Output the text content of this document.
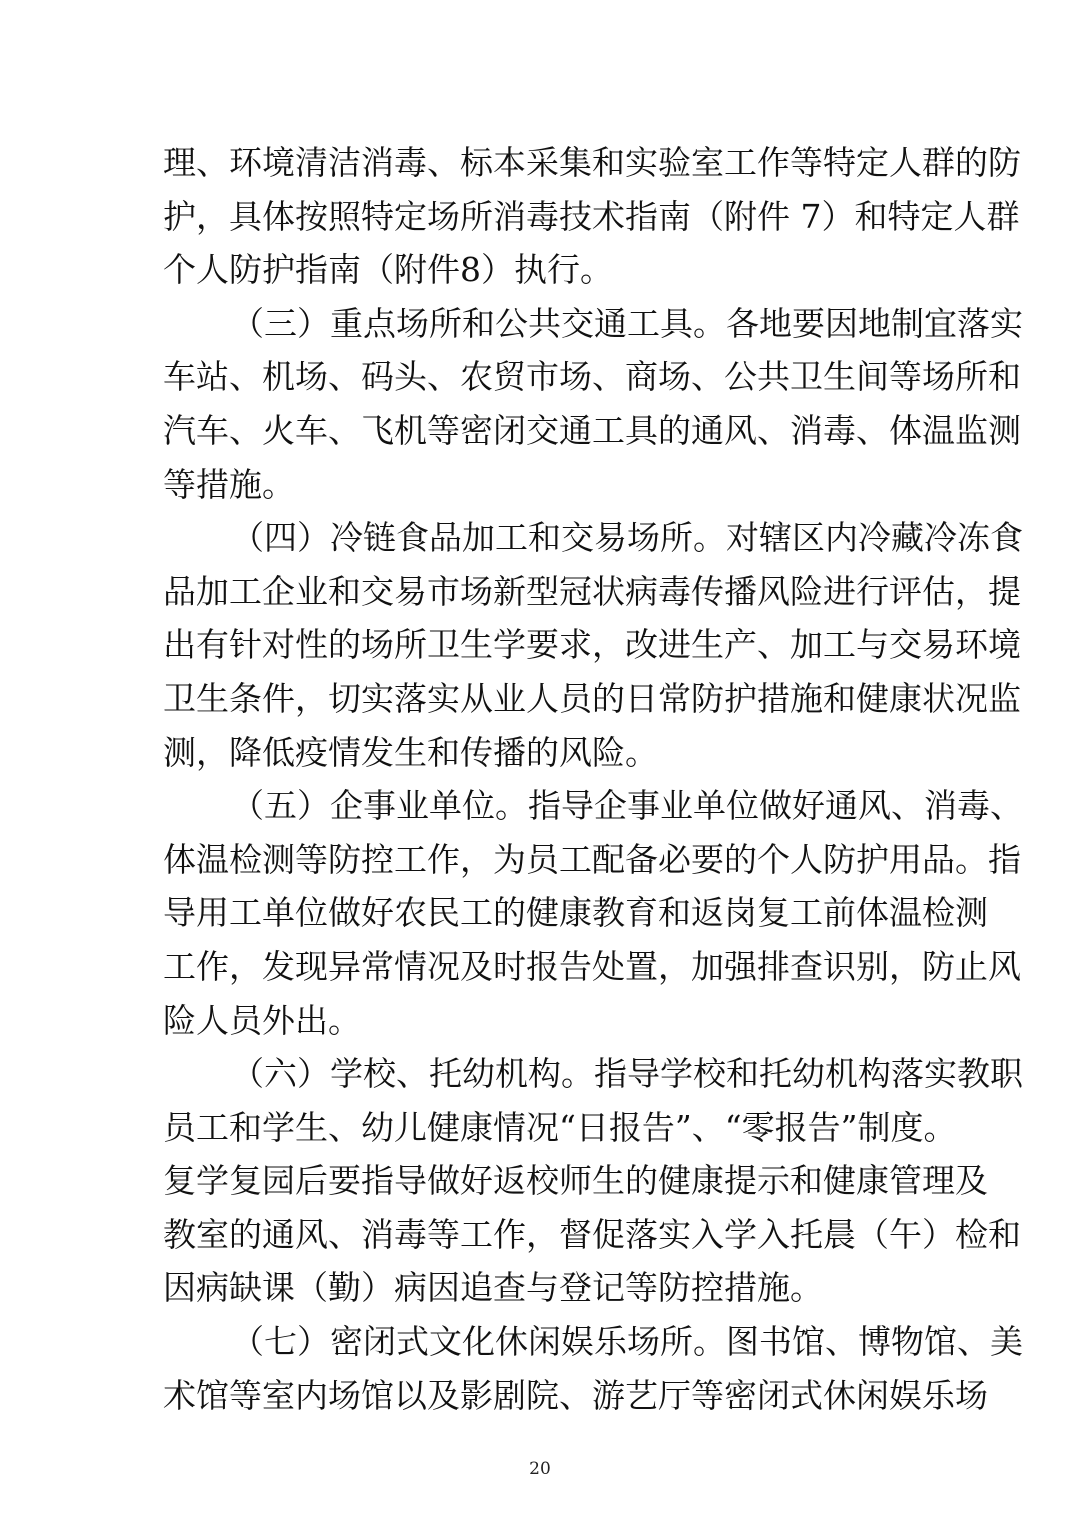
理、环境清洁消毒、标本采集和实验室工作等特定人群的防
护，具体按照特定场所消毒技术指南（附件 7）和特定人群
个人防护指南（附件8）执行。
（三）重点场所和公共交通工具。各地要因地制宜落实
车站、机场、码头、农贸市场、商场、公共卫生间等场所和
汽车、火车、飞机等密闭交通工具的通风、消毒、体温监测
等措施。
（四）冷链食品加工和交易场所。对辖区内冷藏冷冻食
品加工企业和交易市场新型冠状病毒传播风险进行评估，提
出有针对性的场所卫生学要求，改进生产、加工与交易环境
卫生条件，切实落实从业人员的日常防护措施和健康状况监
测，降低疫情发生和传播的风险。
（五）企事业单位。指导企事业单位做好通风、消毒、
体温检测等防控工作，为员工配备必要的个人防护用品。指
导用工单位做好农民工的健康教育和返岗复工前体温检测
工作，发现异常情况及时报告处置，加强排查识别，防止风
险人员外出。
（六）学校、托幼机构。指导学校和托幼机构落实教职
员工和学生、幼儿健康情况“日报告”、“零报告”制度。
复学复园后要指导做好返校师生的健康提示和健康管理及
教室的通风、消毒等工作，督促落实入学入托晨（午）检和
因病缺课（勤）病因追查与登记等防控措施。
（七）密闭式文化休闲娱乐场所。图书馆、博物馆、美
术馆等室内场馆以及影剧院、游艺厅等密闭式休闲娱乐场
20
